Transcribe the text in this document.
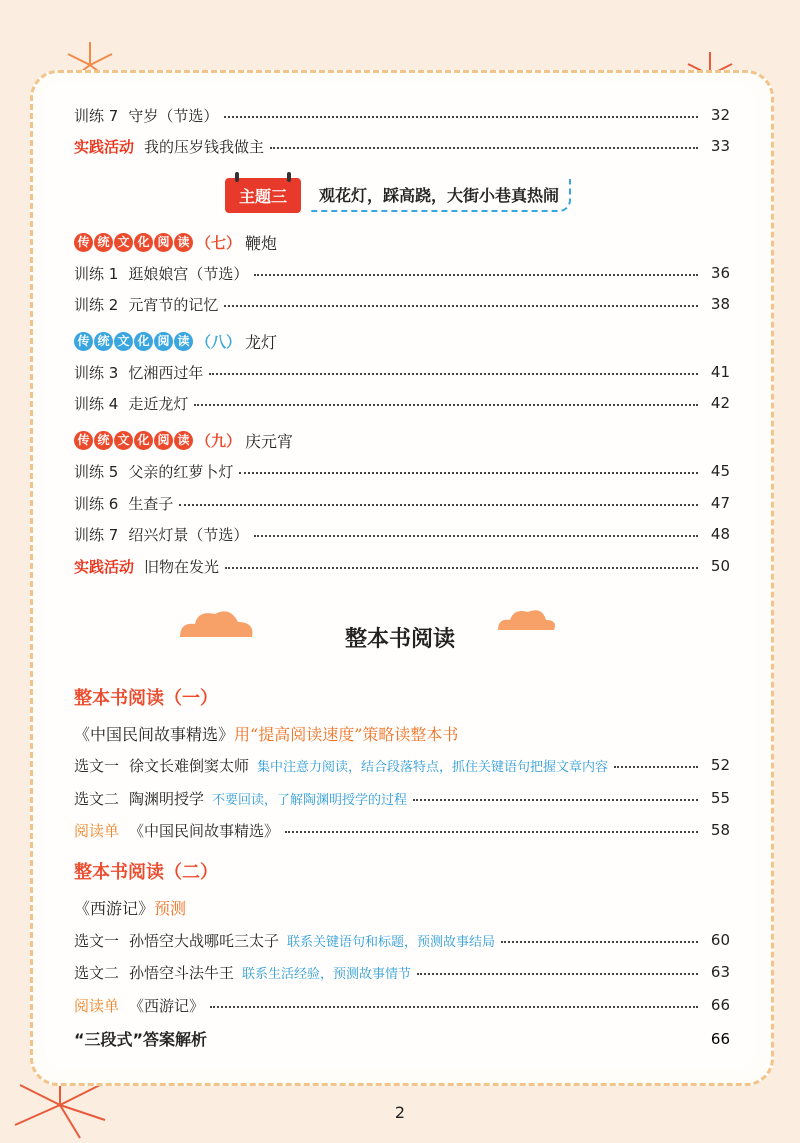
训练 7 守岁（节选）	32
实践活动 我的压岁钱我做主	33
主题三	观花灯，踩高跷，大街小巷真热闹
传 统 文 化 阅 读 （七） 鞭炮
训练 1 逛娘娘宫（节选）	36
训练 2 元宵节的记忆	38
传 统 文 化 阅 读 （八） 龙灯
训练 3 忆湘西过年	41
训练 4 走近龙灯	42
传 统 文 化 阅 读 （九） 庆元宵
训练 5 父亲的红萝卜灯	45
训练 6 生查子	47
训练 7 绍兴灯景（节选）	48
实践活动 旧物在发光	50
整本书阅读（一）
《中国民间故事精选》用“提高阅读速度”策略读整本书
选文一 徐文长难倒窦太师 集中注意力阅读，结合段落特点，抓住关键语句把握文章内容	52
选文二 陶渊明授学 不要回读，了解陶渊明授学的过程	55
阅读单 《中国民间故事精选》	58
整本书阅读（二）
《西游记》预测
选文一 孙悟空大战哪吒三太子 联系关键语句和标题，预测故事结局	60
选文二 孙悟空斗法牛王 联系生活经验，预测故事情节	63
阅读单 《西游记》	66
“三段式”答案解析	66
整本书阅读
2
